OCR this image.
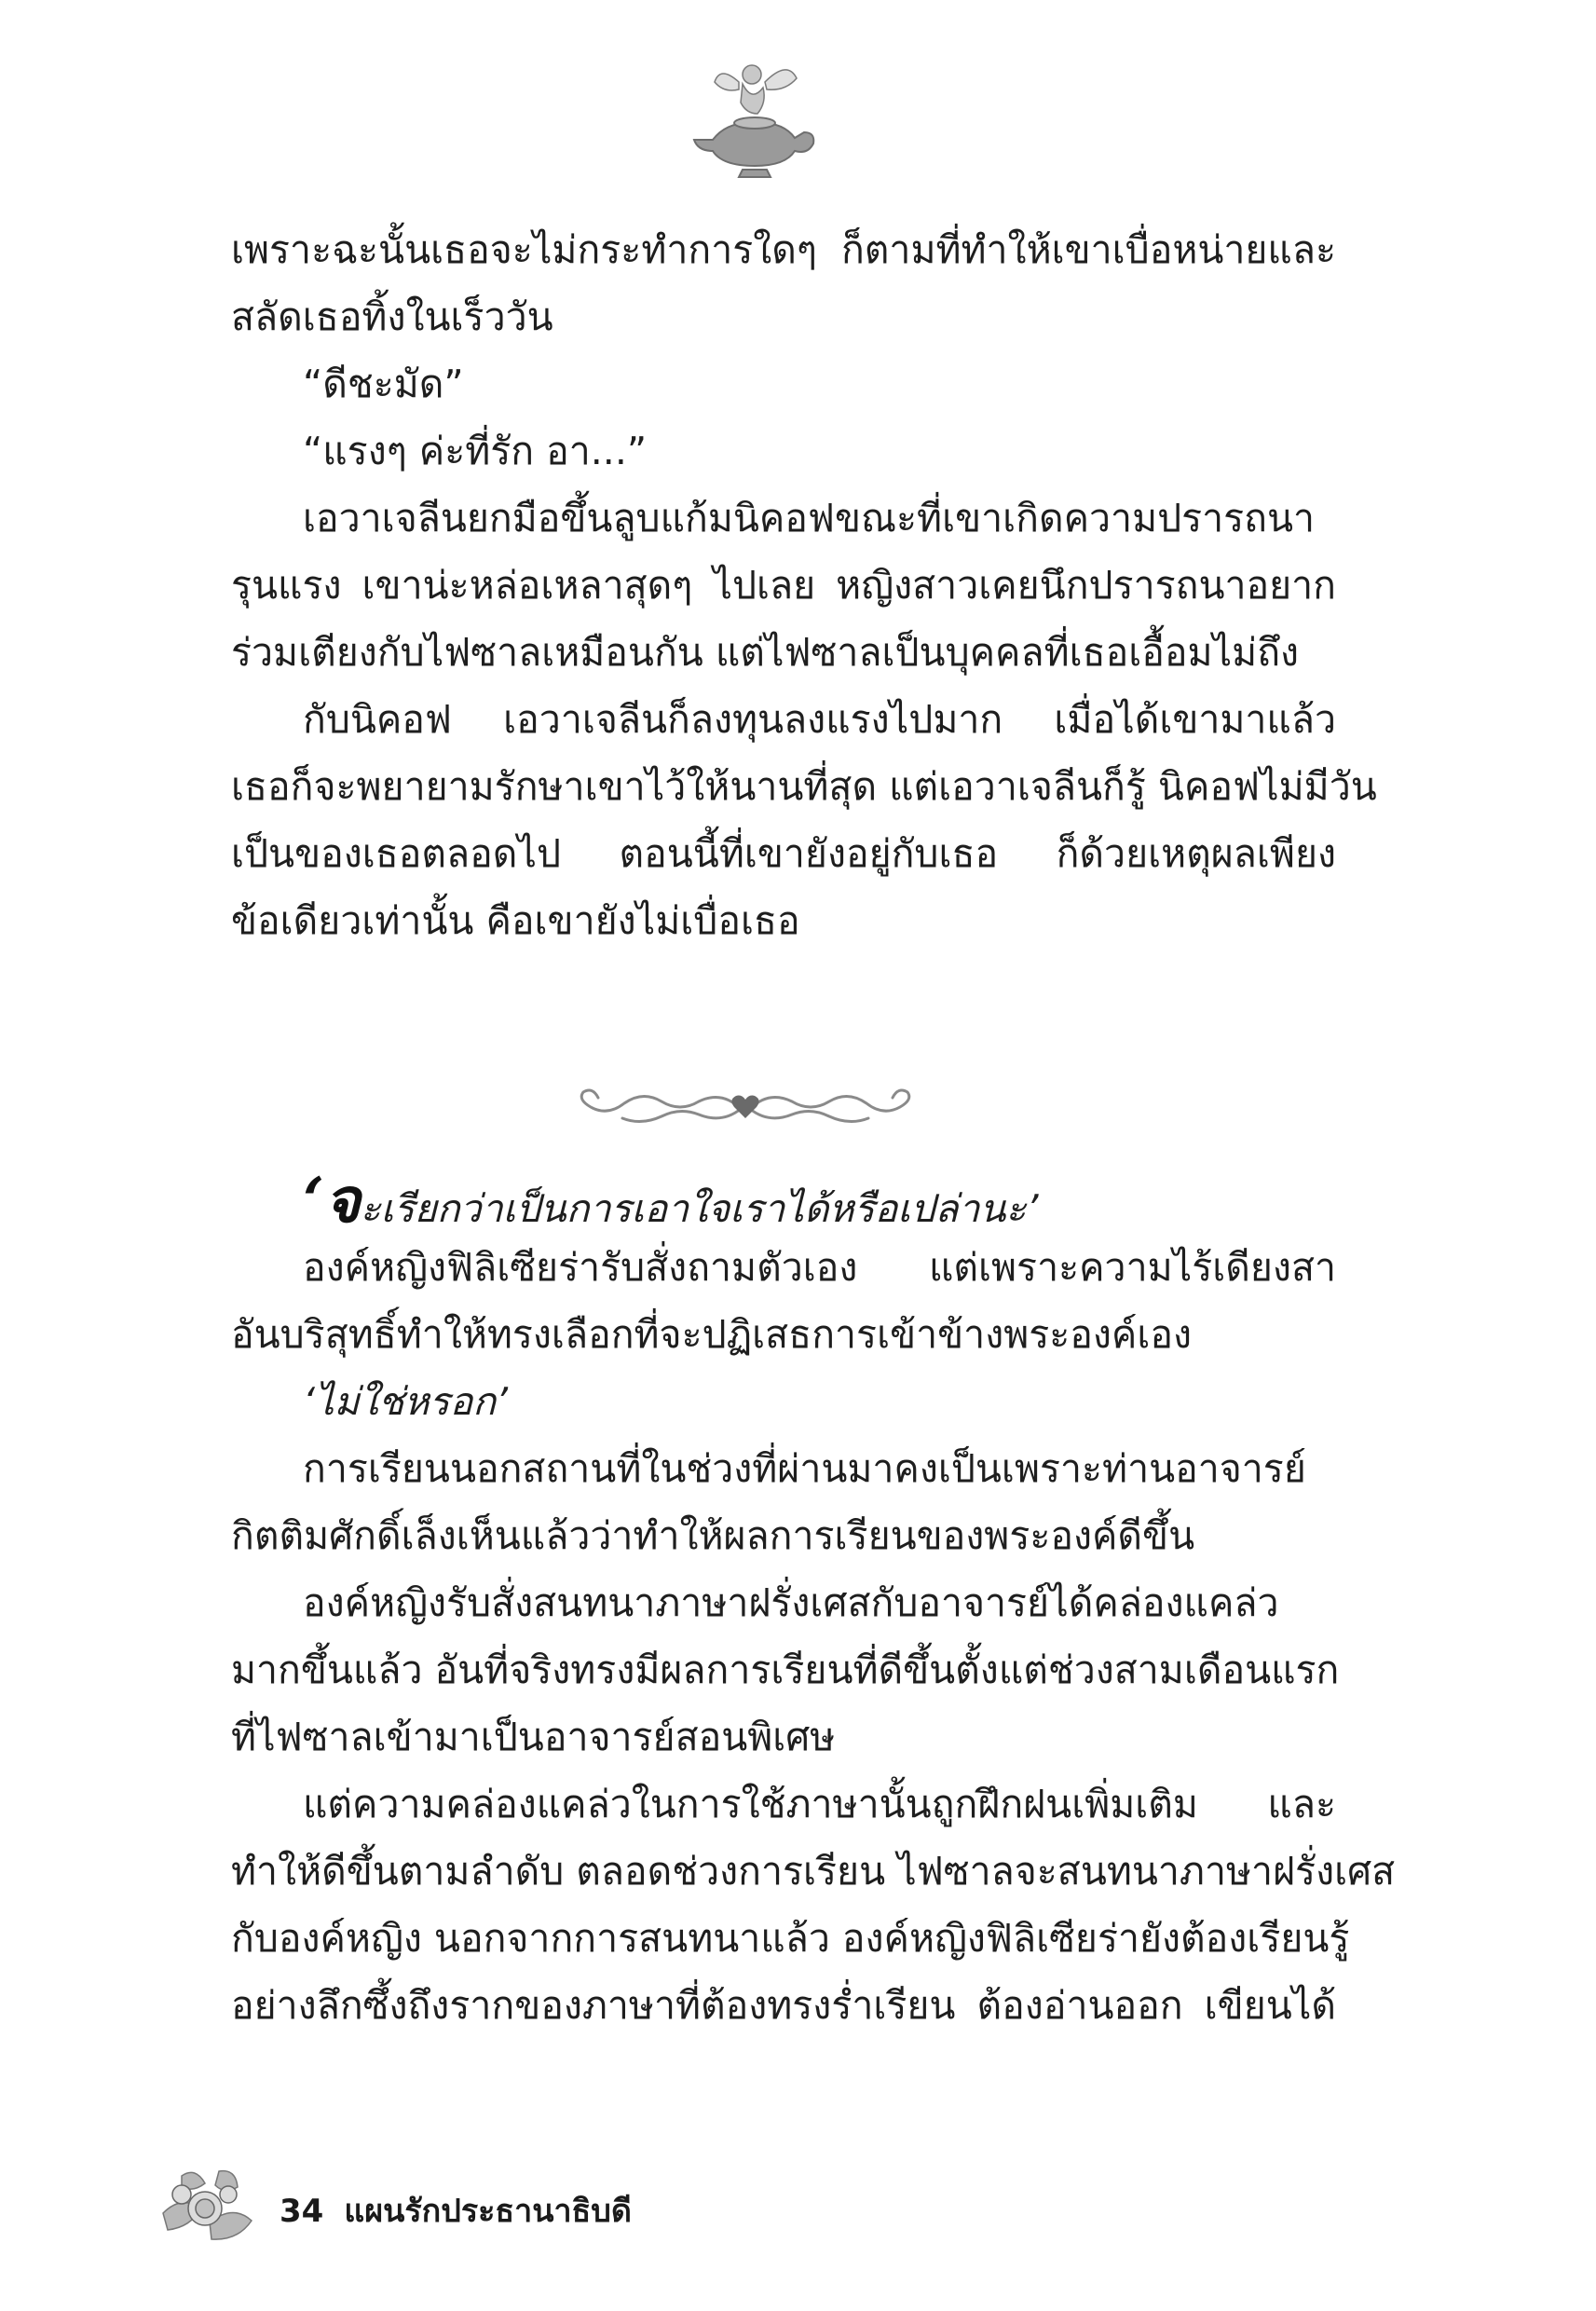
เพราะฉะนั้นเธอจะไม่กระทำการใดๆ ก็ตามที่ทำให้เขาเบื่อหน่ายและ

สลัดเธอทิ้งในเร็ววัน

“ดีชะมัด”

“แรงๆ ค่ะที่รัก อา...”

เอวาเจลีนยกมือขึ้นลูบแก้มนิคอฟขณะที่เขาเกิดความปรารถนา

รุนแรง เขาน่ะหล่อเหลาสุดๆ ไปเลย หญิงสาวเคยนึกปรารถนาอยาก

ร่วมเตียงกับไฟซาลเหมือนกัน แต่ไฟซาลเป็นบุคคลที่เธอเอื้อมไม่ถึง

กับนิคอฟ เอวาเจลีนก็ลงทุนลงแรงไปมาก เมื่อได้เขามาแล้ว

เธอก็จะพยายามรักษาเขาไว้ให้นานที่สุด แต่เอวาเจลีนก็รู้ นิคอฟไม่มีวัน

เป็นของเธอตลอดไป ตอนนี้ที่เขายังอยู่กับเธอ ก็ด้วยเหตุผลเพียง

ข้อเดียวเท่านั้น คือเขายังไม่เบื่อเธอ

‘จะเรียกว่าเป็นการเอาใจเราได้หรือเปล่านะ’

องค์หญิงฟิลิเซียร่ารับสั่งถามตัวเอง แต่เพราะความไร้เดียงสา

อันบริสุทธิ์ทำให้ทรงเลือกที่จะปฏิเสธการเข้าข้างพระองค์เอง

‘ไม่ใช่หรอก’

การเรียนนอกสถานที่ในช่วงที่ผ่านมาคงเป็นเพราะท่านอาจารย์

กิตติมศักดิ์เล็งเห็นแล้วว่าทำให้ผลการเรียนของพระองค์ดีขึ้น

องค์หญิงรับสั่งสนทนาภาษาฝรั่งเศสกับอาจารย์ได้คล่องแคล่ว

มากขึ้นแล้ว อันที่จริงทรงมีผลการเรียนที่ดีขึ้นตั้งแต่ช่วงสามเดือนแรก

ที่ไฟซาลเข้ามาเป็นอาจารย์สอนพิเศษ

แต่ความคล่องแคล่วในการใช้ภาษานั้นถูกฝึกฝนเพิ่มเติม และ

ทำให้ดีขึ้นตามลำดับ ตลอดช่วงการเรียน ไฟซาลจะสนทนาภาษาฝรั่งเศส

กับองค์หญิง นอกจากการสนทนาแล้ว องค์หญิงฟิลิเซียร่ายังต้องเรียนรู้

อย่างลึกซึ้งถึงรากของภาษาที่ต้องทรงร่ำเรียน ต้องอ่านออก เขียนได้

34 แผนรักประธานาธิบดี
